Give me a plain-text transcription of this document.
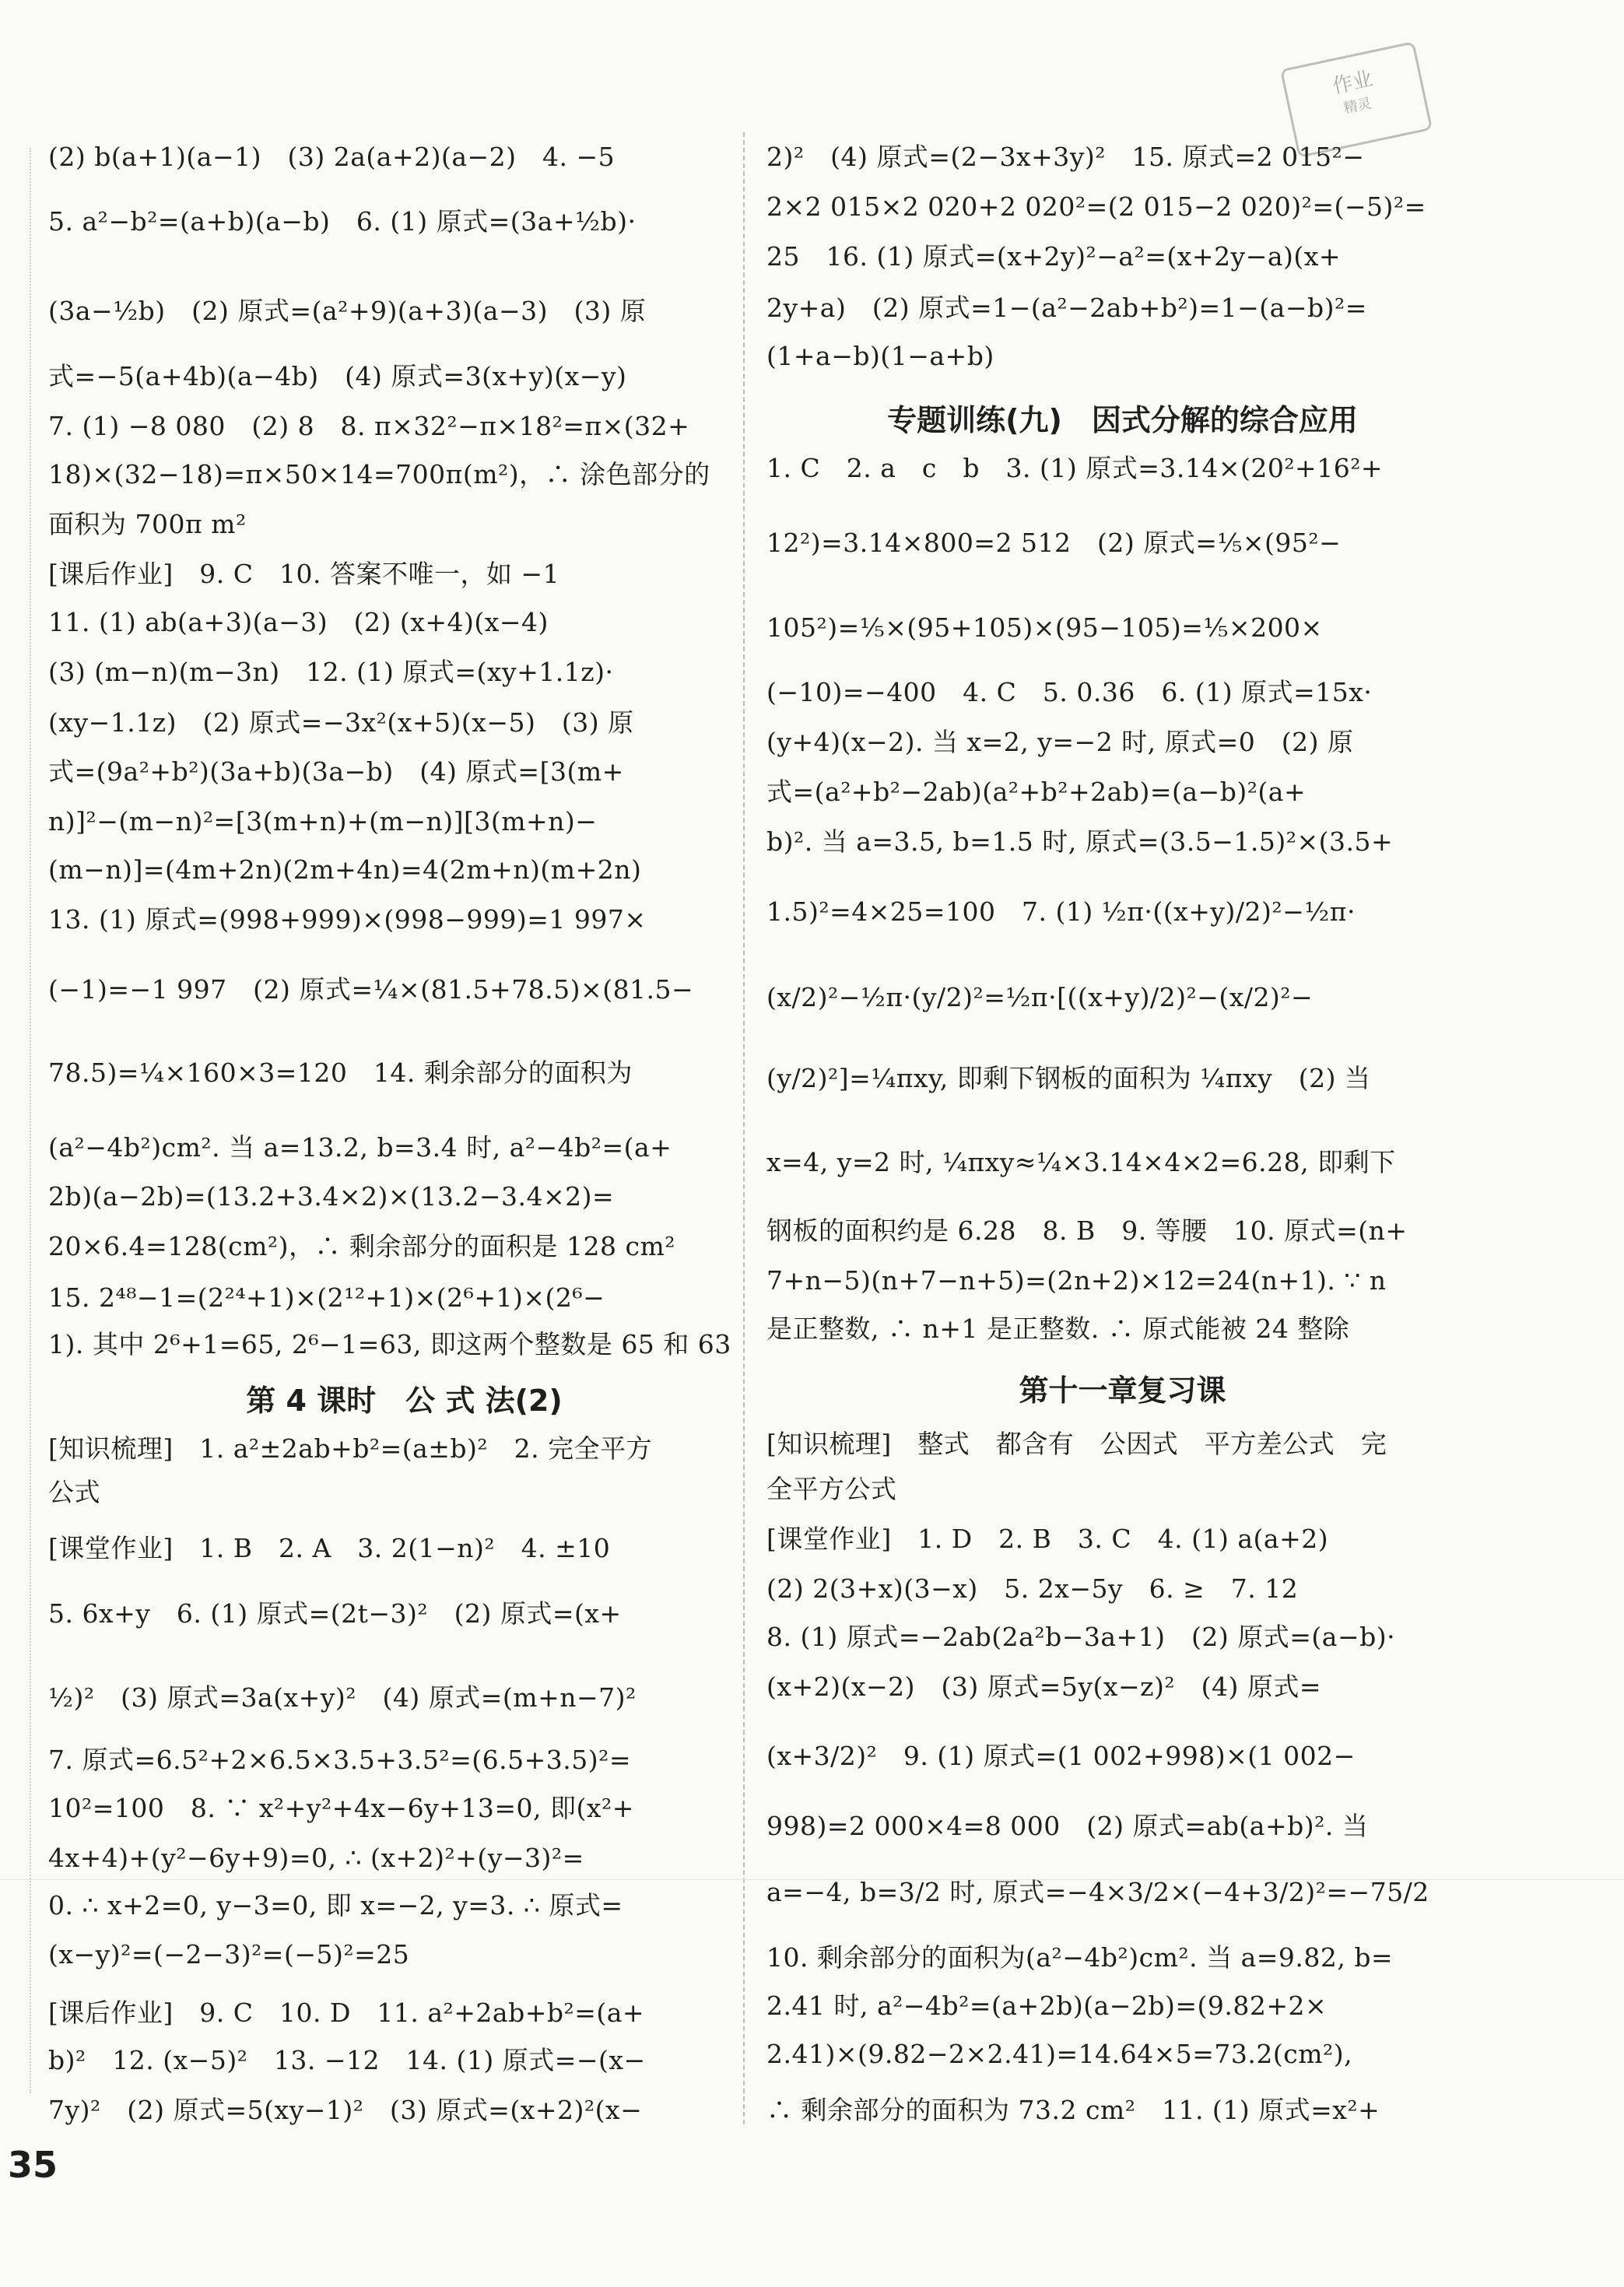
作业
精灵
(2) b(a+1)(a−1)　(3) 2a(a+2)(a−2)　4. −5
5. a²−b²=(a+b)(a−b)　6. (1) 原式=(3a+½b)·
(3a−½b)　(2) 原式=(a²+9)(a+3)(a−3)　(3) 原
式=−5(a+4b)(a−4b)　(4) 原式=3(x+y)(x−y)
7. (1) −8 080　(2) 8　8. π×32²−π×18²=π×(32+
18)×(32−18)=π×50×14=700π(m²)，∴ 涂色部分的
面积为 700π m²
[课后作业]　9. C　10. 答案不唯一，如 −1
11. (1) ab(a+3)(a−3)　(2) (x+4)(x−4)
(3) (m−n)(m−3n)　12. (1) 原式=(xy+1.1z)·
(xy−1.1z)　(2) 原式=−3x²(x+5)(x−5)　(3) 原
式=(9a²+b²)(3a+b)(3a−b)　(4) 原式=[3(m+
n)]²−(m−n)²=[3(m+n)+(m−n)][3(m+n)−
(m−n)]=(4m+2n)(2m+4n)=4(2m+n)(m+2n)
13. (1) 原式=(998+999)×(998−999)=1 997×
(−1)=−1 997　(2) 原式=¼×(81.5+78.5)×(81.5−
78.5)=¼×160×3=120　14. 剩余部分的面积为
(a²−4b²)cm². 当 a=13.2, b=3.4 时, a²−4b²=(a+
2b)(a−2b)=(13.2+3.4×2)×(13.2−3.4×2)=
20×6.4=128(cm²)，∴ 剩余部分的面积是 128 cm²
15. 2⁴⁸−1=(2²⁴+1)×(2¹²+1)×(2⁶+1)×(2⁶−
1). 其中 2⁶+1=65, 2⁶−1=63, 即这两个整数是 65 和 63
第 4 课时　公 式 法(2)
[知识梳理]　1. a²±2ab+b²=(a±b)²　2. 完全平方
公式
[课堂作业]　1. B　2. A　3. 2(1−n)²　4. ±10
5. 6x+y　6. (1) 原式=(2t−3)²　(2) 原式=(x+
½)²　(3) 原式=3a(x+y)²　(4) 原式=(m+n−7)²
7. 原式=6.5²+2×6.5×3.5+3.5²=(6.5+3.5)²=
10²=100　8. ∵ x²+y²+4x−6y+13=0, 即(x²+
4x+4)+(y²−6y+9)=0, ∴ (x+2)²+(y−3)²=
0. ∴ x+2=0, y−3=0, 即 x=−2, y=3. ∴ 原式=
(x−y)²=(−2−3)²=(−5)²=25
[课后作业]　9. C　10. D　11. a²+2ab+b²=(a+
b)²　12. (x−5)²　13. −12　14. (1) 原式=−(x−
7y)²　(2) 原式=5(xy−1)²　(3) 原式=(x+2)²(x−
2)²　(4) 原式=(2−3x+3y)²　15. 原式=2 015²−
2×2 015×2 020+2 020²=(2 015−2 020)²=(−5)²=
25　16. (1) 原式=(x+2y)²−a²=(x+2y−a)(x+
2y+a)　(2) 原式=1−(a²−2ab+b²)=1−(a−b)²=
(1+a−b)(1−a+b)
专题训练(九)　因式分解的综合应用
1. C　2. a　c　b　3. (1) 原式=3.14×(20²+16²+
12²)=3.14×800=2 512　(2) 原式=⅕×(95²−
105²)=⅕×(95+105)×(95−105)=⅕×200×
(−10)=−400　4. C　5. 0.36　6. (1) 原式=15x·
(y+4)(x−2). 当 x=2, y=−2 时, 原式=0　(2) 原
式=(a²+b²−2ab)(a²+b²+2ab)=(a−b)²(a+
b)². 当 a=3.5, b=1.5 时, 原式=(3.5−1.5)²×(3.5+
1.5)²=4×25=100　7. (1) ½π·((x+y)/2)²−½π·
(x/2)²−½π·(y/2)²=½π·[((x+y)/2)²−(x/2)²−
(y/2)²]=¼πxy, 即剩下钢板的面积为 ¼πxy　(2) 当
x=4, y=2 时, ¼πxy≈¼×3.14×4×2=6.28, 即剩下
钢板的面积约是 6.28　8. B　9. 等腰　10. 原式=(n+
7+n−5)(n+7−n+5)=(2n+2)×12=24(n+1). ∵ n
是正整数, ∴ n+1 是正整数. ∴ 原式能被 24 整除
第十一章复习课
[知识梳理]　整式　都含有　公因式　平方差公式　完
全平方公式
[课堂作业]　1. D　2. B　3. C　4. (1) a(a+2)
(2) 2(3+x)(3−x)　5. 2x−5y　6. ≥　7. 12
8. (1) 原式=−2ab(2a²b−3a+1)　(2) 原式=(a−b)·
(x+2)(x−2)　(3) 原式=5y(x−z)²　(4) 原式=
(x+3/2)²　9. (1) 原式=(1 002+998)×(1 002−
998)=2 000×4=8 000　(2) 原式=ab(a+b)². 当
a=−4, b=3/2 时, 原式=−4×3/2×(−4+3/2)²=−75/2
10. 剩余部分的面积为(a²−4b²)cm². 当 a=9.82, b=
2.41 时, a²−4b²=(a+2b)(a−2b)=(9.82+2×
2.41)×(9.82−2×2.41)=14.64×5=73.2(cm²),
∴ 剩余部分的面积为 73.2 cm²　11. (1) 原式=x²+
35
